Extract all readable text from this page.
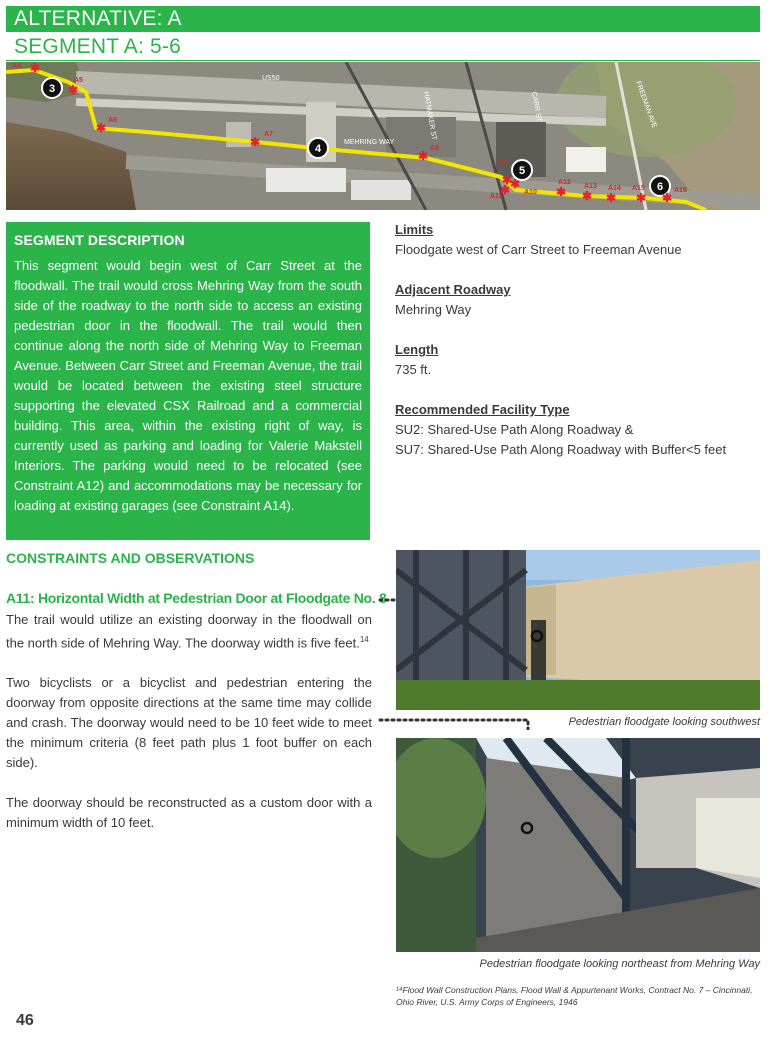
ALTERNATIVE: A
SEGMENT A: 5-6
US50
MEHRING WAY
CARR ST
HATMAKER ST	FREEMAN AVE
3
4
5
6
A4 ✱
A5
✱
A6
✱	A7
✱	A8
✱	A9
✱
A10
✱
A11
✱
A12
✱	A13
✱
A14
✱
A15
✱
A16
✱
SEGMENT DESCRIPTION

This segment would begin west of Carr Street at the floodwall. The trail would cross Mehring Way from the south side of the roadway to the north side to access an existing pedestrian door in the floodwall. The trail would then continue along the north side of Mehring Way to Freeman Avenue. Between Carr Street and Freeman Avenue, the trail would be located between the existing steel structure supporting the elevated CSX Railroad and a commercial building. This area, within the existing right of way, is currently used as parking and loading for Valerie Makstell Interiors. The parking would need to be relocated (see Constraint A12) and accommodations may be necessary for loading at existing garages (see Constraint A14).

Limits
Floodgate west of Carr Street to Freeman Avenue
Adjacent Roadway
Mehring Way
Length
735 ft.
Recommended Facility Type
SU2: Shared-Use Path Along Roadway &
SU7: Shared-Use Path Along Roadway with Buffer<5 feet
CONSTRAINTS AND OBSERVATIONS
A11: Horizontal Width at Pedestrian Door at Floodgate No. 8

The trail would utilize an existing doorway in the floodwall on the north side of Mehring Way. The doorway width is five feet.$^{14}$

Two bicyclists or a bicyclist and pedestrian entering the doorway from opposite directions at the same time may collide and crash. The doorway would need to be 10 feet wide to meet the minimum criteria (8 feet path plus 1 foot buffer on each side).

The doorway should be reconstructed as a custom door with a minimum width of 10 feet.

Pedestrian floodgate looking southwest
Pedestrian floodgate looking northeast from Mehring Way
¹⁴Flood Wall Construction Plans, Flood Wall & Appurtenant Works, Contract No. 7 – Cincinnati, Ohio River, U.S. Army Corps of Engineers, 1946
46
